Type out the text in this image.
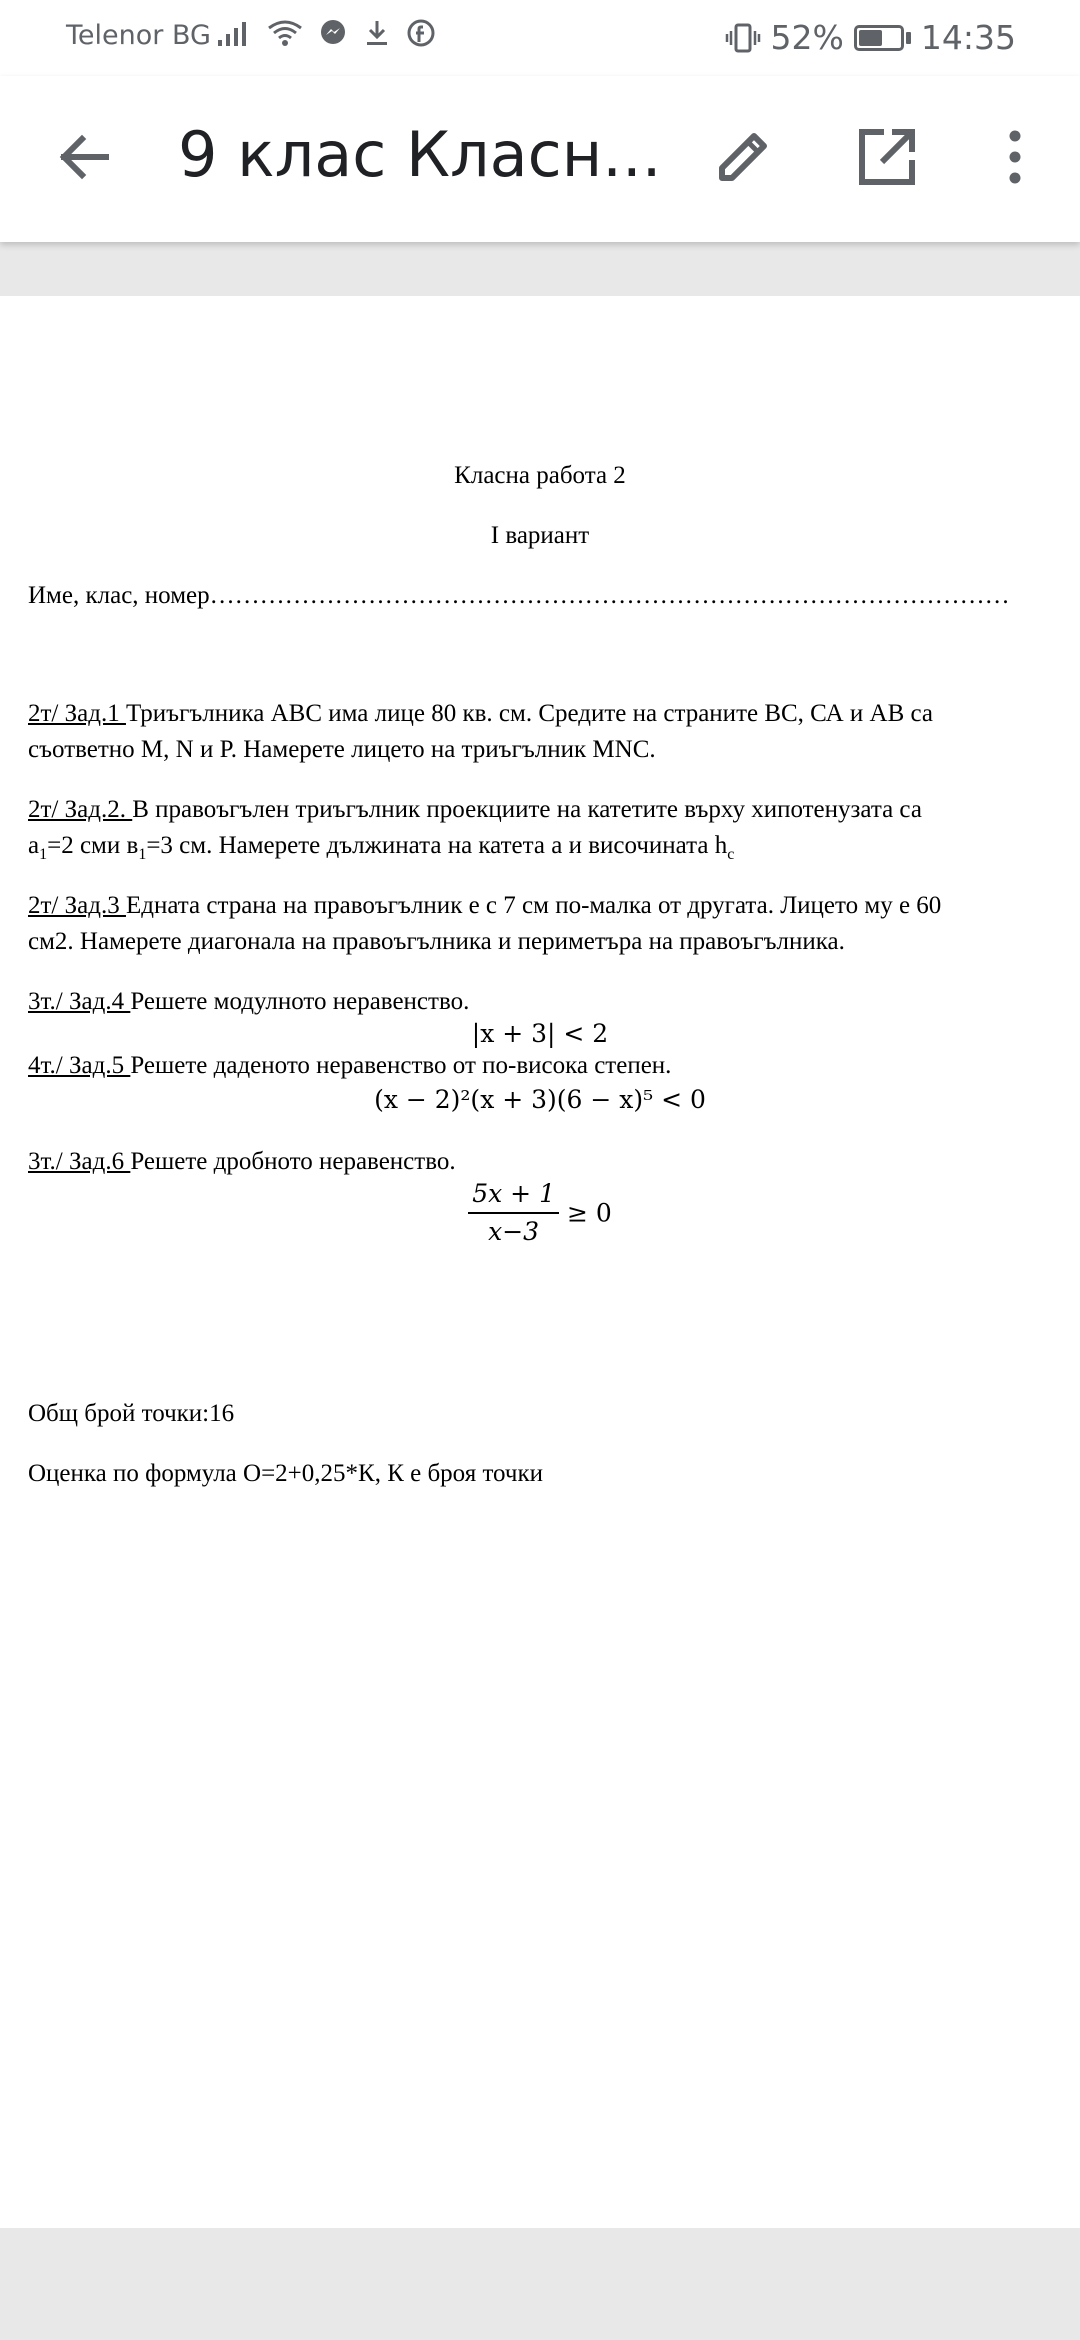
Telenor BG	52% 14:35
9 клас Класн...
Класна работа 2
I вариант
Име, клас, номер……………………………………………………………………………………
2т/ Зад.1 Триъгълника АВС има лице 80 кв. см. Средите на страните ВС, СА и АВ са
съответно M, N и P. Намерете лицето на триъгълник MNC.
2т/ Зад.2. В правоъгълен триъгълник проекциите на катетите върху хипотенузата са
$a_1=2$ сми $в_1=3$ см. Намерете дължината на катета а и височината $h_c$
2т/ Зад.3 Едната страна на правоъгълник е с 7 см по-малка от другата. Лицето му е 60
см2. Намерете диагонала на правоъгълника и периметъра на правоъгълника.
3т./ Зад.4 Решете модулното неравенство.
|x + 3| < 2
4т./ Зад.5 Решете даденото неравенство от по-висока степен.
(x − 2)²(x + 3)(6 − x)⁵ < 0
3т./ Зад.6 Решете дробното неравенство.
$\frac{5x + 1}{x-3} \ge 0$
Общ брой точки:16
Оценка по формула О=2+0,25*К, К е броя точки
